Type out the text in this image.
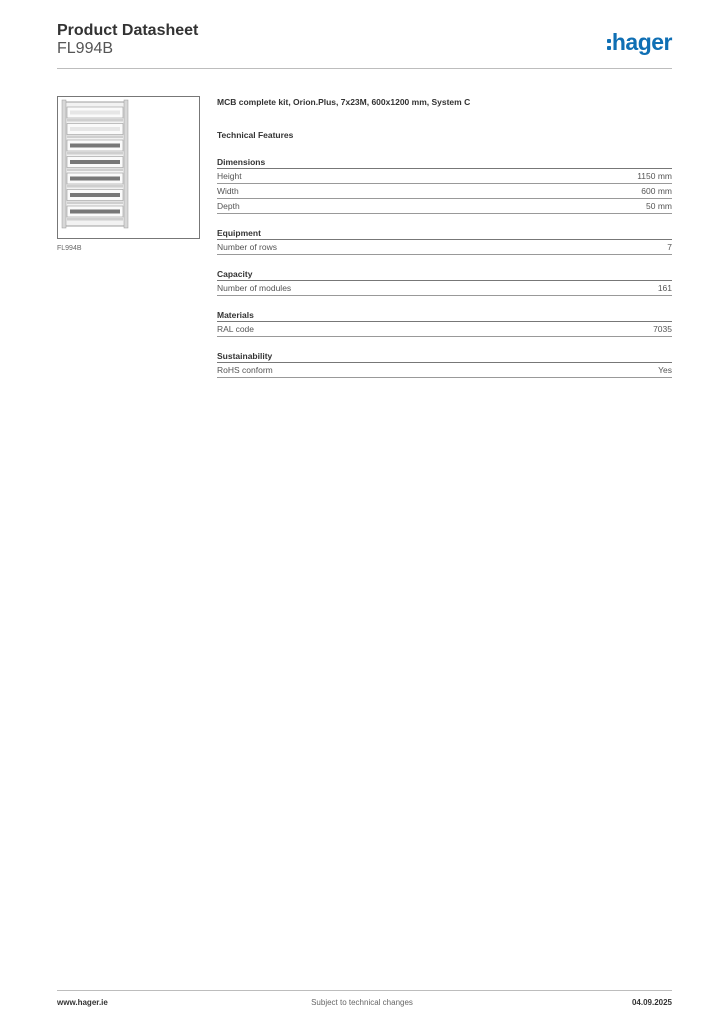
Product Datasheet
FL994B	hager
FL994B
MCB complete kit, Orion.Plus, 7x23M, 600x1200 mm, System C
Technical Features
Dimensions
Height	1150 mm
Width	600 mm
Depth	50 mm
Equipment
Number of rows	7
Capacity
Number of modules	161
Materials
RAL code	7035
Sustainability
RoHS conform	Yes
www.hager.ie	Subject to technical changes	04.09.2025
